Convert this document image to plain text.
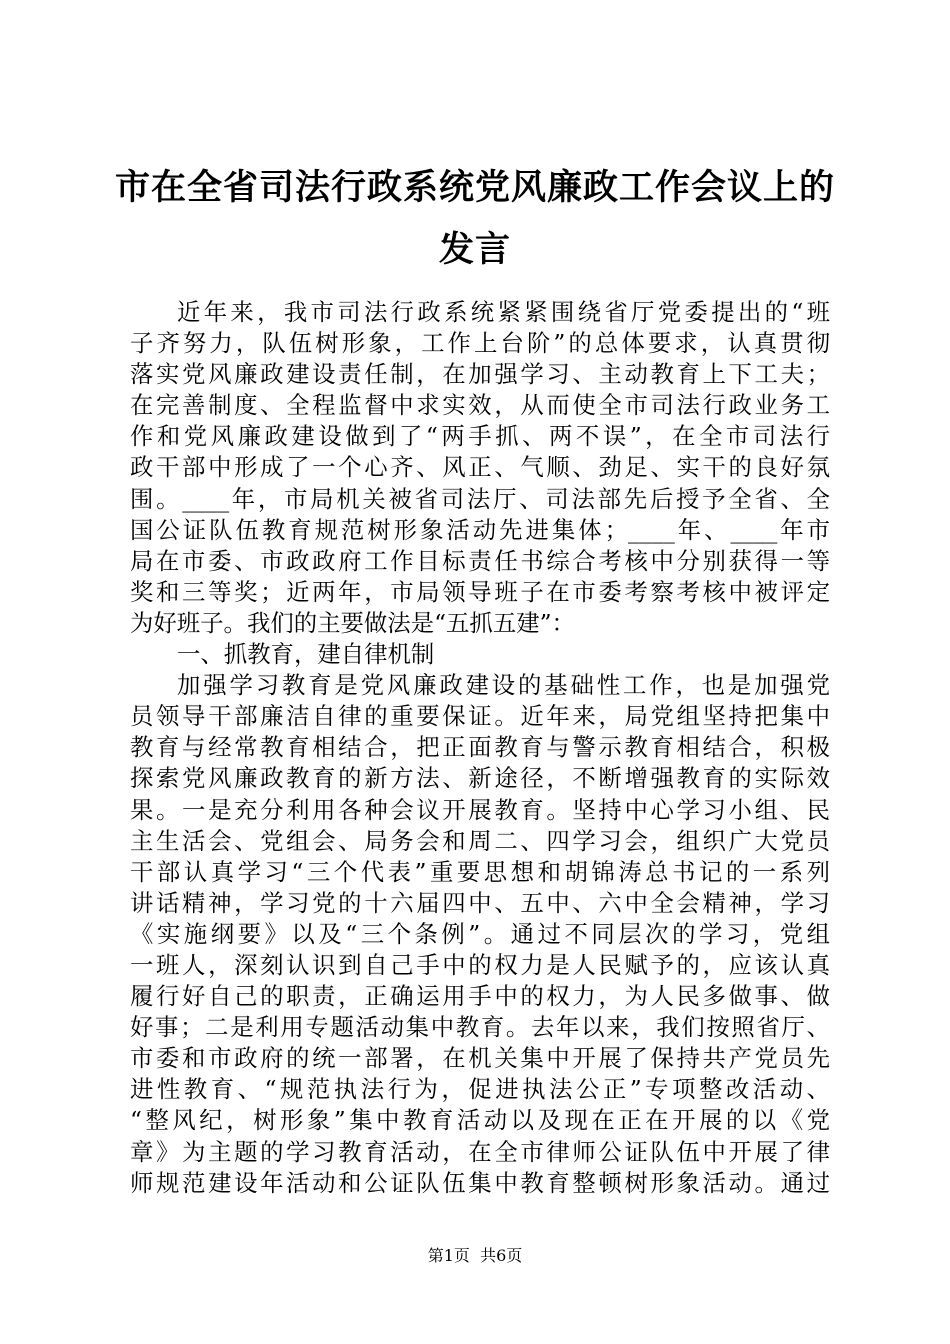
市在全省司法行政系统党风廉政工作会议上的
发言
近年来，我市司法行政系统紧紧围绕省厅党委提出的“班
子齐努力，队伍树形象，工作上台阶”的总体要求，认真贯彻
落实党风廉政建设责任制，在加强学习、主动教育上下工夫；
在完善制度、全程监督中求实效，从而使全市司法行政业务工
作和党风廉政建设做到了“两手抓、两不误”，在全市司法行
政干部中形成了一个心齐、风正、气顺、劲足、实干的良好氛
围。____年，市局机关被省司法厅、司法部先后授予全省、全
国公证队伍教育规范树形象活动先进集体；____年、____年市
局在市委、市政政府工作目标责任书综合考核中分别获得一等
奖和三等奖；近两年，市局领导班子在市委考察考核中被评定
为好班子。我们的主要做法是“五抓五建”：
一、抓教育，建自律机制
加强学习教育是党风廉政建设的基础性工作，也是加强党
员领导干部廉洁自律的重要保证。近年来，局党组坚持把集中
教育与经常教育相结合，把正面教育与警示教育相结合，积极
探索党风廉政教育的新方法、新途径，不断增强教育的实际效
果。一是充分利用各种会议开展教育。坚持中心学习小组、民
主生活会、党组会、局务会和周二、四学习会，组织广大党员
干部认真学习“三个代表”重要思想和胡锦涛总书记的一系列
讲话精神，学习党的十六届四中、五中、六中全会精神，学习
《实施纲要》以及“三个条例”。通过不同层次的学习，党组
一班人，深刻认识到自己手中的权力是人民赋予的，应该认真
履行好自己的职责，正确运用手中的权力，为人民多做事、做
好事；二是利用专题活动集中教育。去年以来，我们按照省厅、
市委和市政府的统一部署，在机关集中开展了保持共产党员先
进性教育、“规范执法行为，促进执法公正”专项整改活动、
“整风纪，树形象”集中教育活动以及现在正在开展的以《党
章》为主题的学习教育活动，在全市律师公证队伍中开展了律
师规范建设年活动和公证队伍集中教育整顿树形象活动。通过
第1页  共6页
